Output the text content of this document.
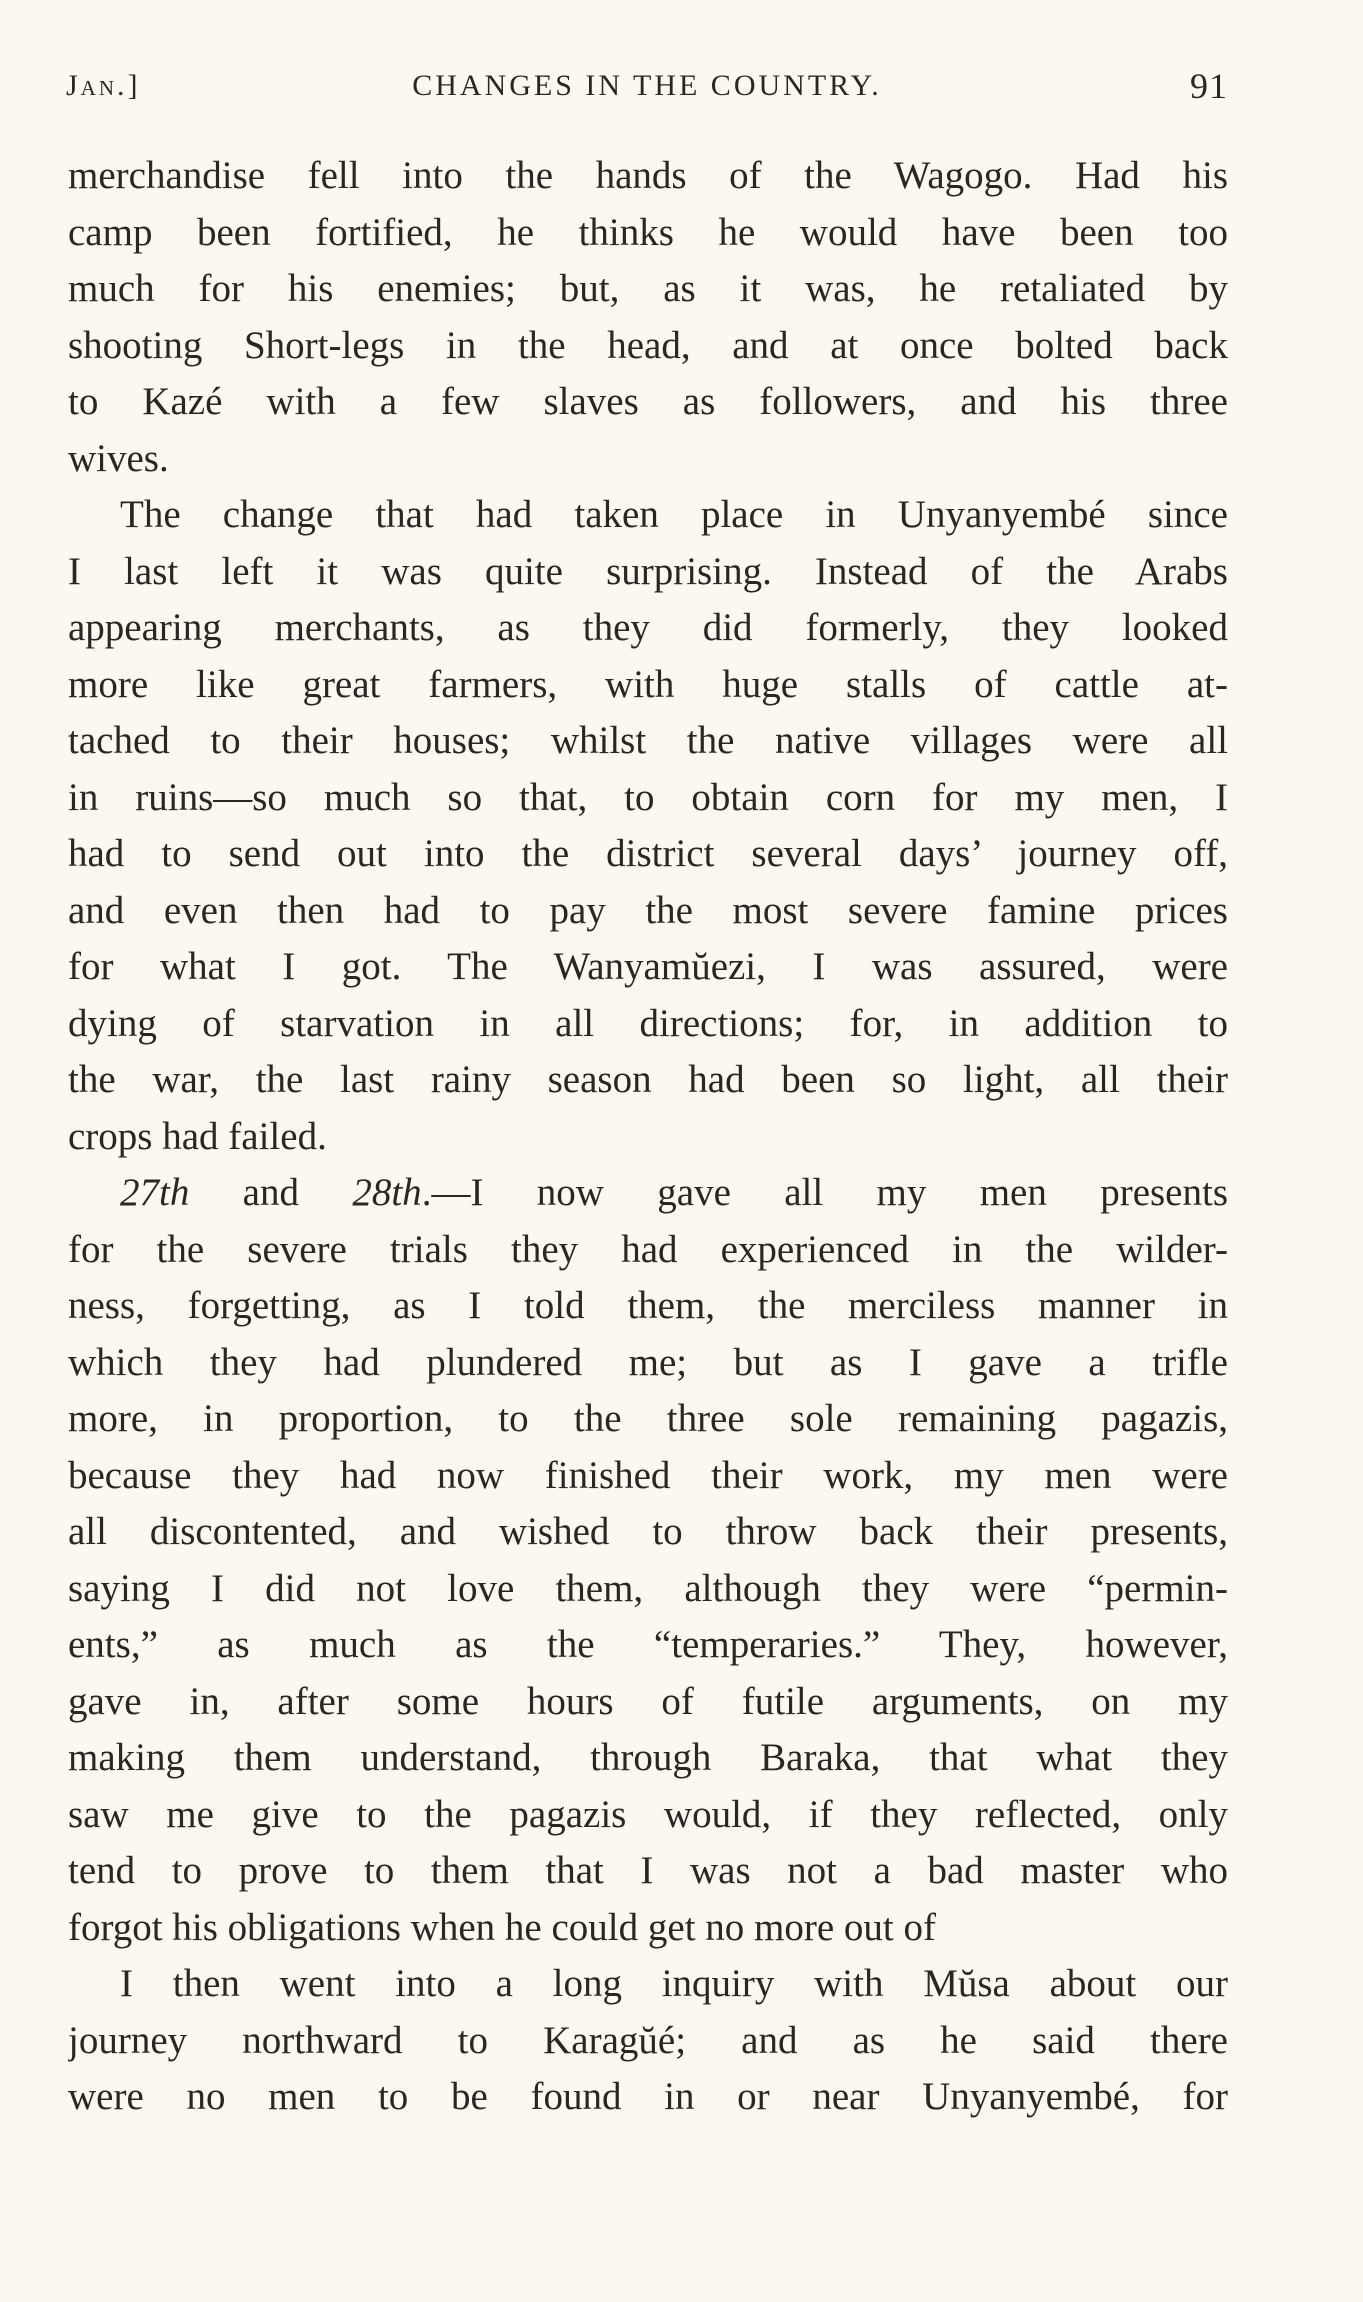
Jan.]	CHANGES IN THE COUNTRY.	91
merchandise fell into the hands of the Wagogo. Had his
camp been fortified, he thinks he would have been too
much for his enemies; but, as it was, he retaliated by
shooting Short-legs in the head, and at once bolted back
to Kazé with a few slaves as followers, and his three
wives.
The change that had taken place in Unyanyembé since
I last left it was quite surprising. Instead of the Arabs
appearing merchants, as they did formerly, they looked
more like great farmers, with huge stalls of cattle at-
tached to their houses; whilst the native villages were all
in ruins—so much so that, to obtain corn for my men, I
had to send out into the district several days’ journey off,
and even then had to pay the most severe famine prices
for what I got. The Wanyamŭezi, I was assured, were
dying of starvation in all directions; for, in addition to
the war, the last rainy season had been so light, all their
crops had failed.
27th and 28th.—I now gave all my men presents
for the severe trials they had experienced in the wilder-
ness, forgetting, as I told them, the merciless manner in
which they had plundered me; but as I gave a trifle
more, in proportion, to the three sole remaining pagazis,
because they had now finished their work, my men were
all discontented, and wished to throw back their presents,
saying I did not love them, although they were “permin-
ents,” as much as the “temperaries.” They, however,
gave in, after some hours of futile arguments, on my
making them understand, through Baraka, that what they
saw me give to the pagazis would, if they reflected, only
tend to prove to them that I was not a bad master who
forgot his obligations when he could get no more out of
I then went into a long inquiry with Mŭsa about our
journey northward to Karagŭé; and as he said there
were no men to be found in or near Unyanyembé, for
